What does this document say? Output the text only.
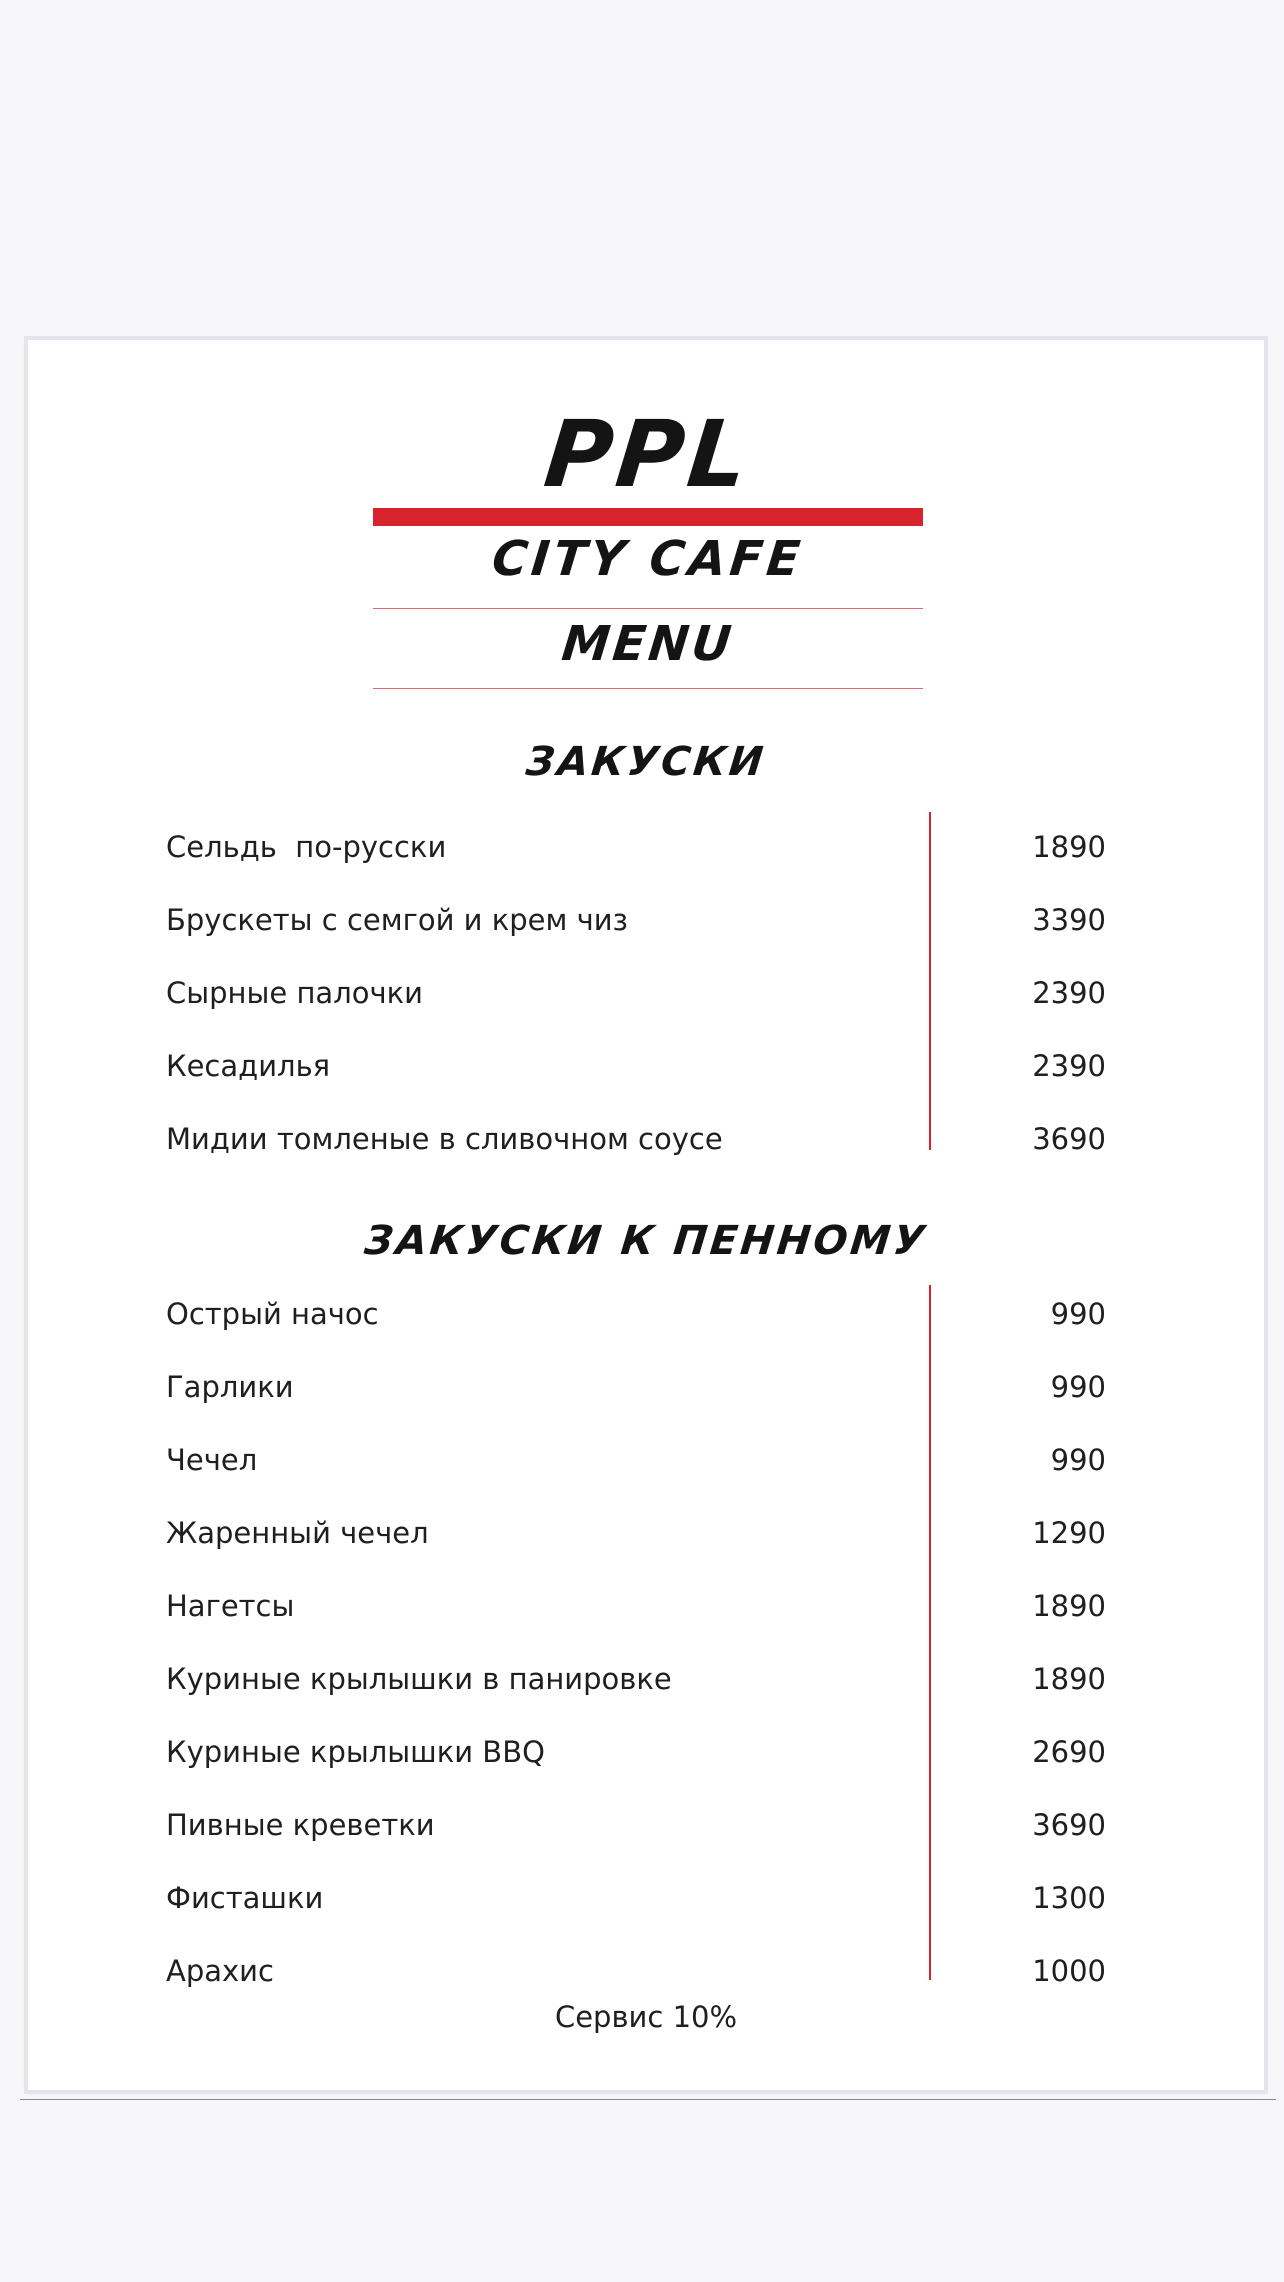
PPL
CITY CAFE
MENU
ЗАКУСКИ
Сельдь  по-русски	1890
Брускеты с семгой и крем чиз	3390
Сырные палочки	2390
Кесадилья	2390
Мидии томленые в сливочном соусе	3690
ЗАКУСКИ К ПЕННОМУ
Острый начос	990
Гарлики	990
Чечел	990
Жаренный чечел	1290
Нагетсы	1890
Куриные крылышки в панировке	1890
Куриные крылышки BBQ	2690
Пивные креветки	3690
Фисташки	1300
Арахис	1000
Сервис 10%
